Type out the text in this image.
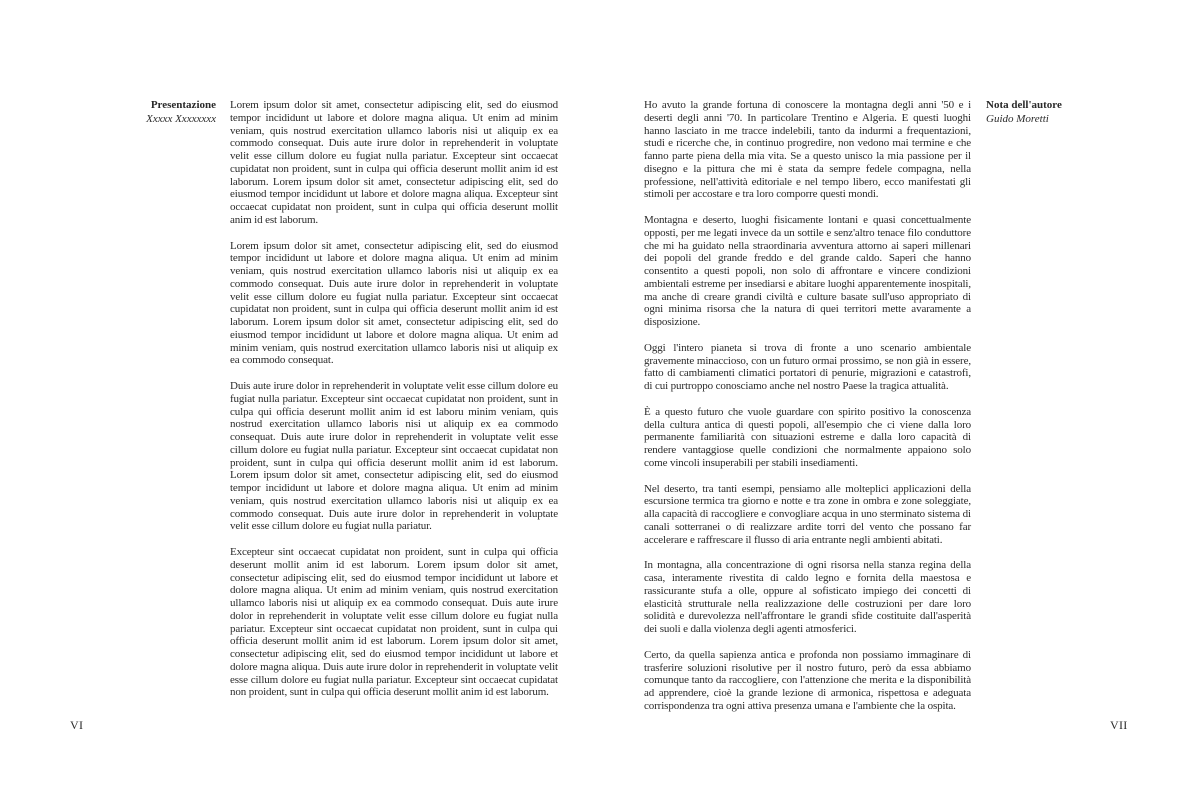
Presentazione
Xxxxx Xxxxxxxx

Lorem ipsum dolor sit amet, consectetur adipiscing elit, sed do eiusmod tempor incididunt ut labore et dolore magna aliqua. Ut enim ad minim veniam, quis nostrud exercitation ullamco laboris nisi ut aliquip ex ea commodo consequat. Duis aute irure dolor in reprehenderit in voluptate velit esse cillum dolore eu fugiat nulla pariatur. Excepteur sint occaecat cupidatat non proident, sunt in culpa qui officia deserunt mollit anim id est laborum. Lorem ipsum dolor sit amet, consectetur adipiscing elit, sed do eiusmod tempor incididunt ut labore et dolore magna aliqua. Excepteur sint occaecat cupidatat non proident, sunt in culpa qui officia deserunt mollit anim id est laborum.

Lorem ipsum dolor sit amet, consectetur adipiscing elit, sed do eiusmod tempor incididunt ut labore et dolore magna aliqua. Ut enim ad minim veniam, quis nostrud exercitation ullamco laboris nisi ut aliquip ex ea commodo consequat. Duis aute irure dolor in reprehenderit in voluptate velit esse cillum dolore eu fugiat nulla pariatur. Excepteur sint occaecat cupidatat non proident, sunt in culpa qui officia deserunt mollit anim id est laborum. Lorem ipsum dolor sit amet, consectetur adipiscing elit, sed do eiusmod tempor incididunt ut labore et dolore magna aliqua. Ut enim ad minim veniam, quis nostrud exercitation ullamco laboris nisi ut aliquip ex ea commodo consequat.

Duis aute irure dolor in reprehenderit in voluptate velit esse cillum dolore eu fugiat nulla pariatur. Excepteur sint occaecat cupidatat non proident, sunt in culpa qui officia deserunt mollit anim id est laboru minim veniam, quis nostrud exercitation ullamco laboris nisi ut aliquip ex ea commodo consequat. Duis aute irure dolor in reprehenderit in voluptate velit esse cillum dolore eu fugiat nulla pariatur. Excepteur sint occaecat cupidatat non proident, sunt in culpa qui officia deserunt mollit anim id est laborum. Lorem ipsum dolor sit amet, consectetur adipiscing elit, sed do eiusmod tempor incididunt ut labore et dolore magna aliqua. Ut enim ad minim veniam, quis nostrud exercitation ullamco laboris nisi ut aliquip ex ea commodo consequat. Duis aute irure dolor in reprehenderit in voluptate velit esse cillum dolore eu fugiat nulla pariatur.

Excepteur sint occaecat cupidatat non proident, sunt in culpa qui officia deserunt mollit anim id est laborum. Lorem ipsum dolor sit amet, consectetur adipiscing elit, sed do eiusmod tempor incididunt ut labore et dolore magna aliqua. Ut enim ad minim veniam, quis nostrud exercitation ullamco laboris nisi ut aliquip ex ea commodo consequat. Duis aute irure dolor in reprehenderit in voluptate velit esse cillum dolore eu fugiat nulla pariatur. Excepteur sint occaecat cupidatat non proident, sunt in culpa qui officia deserunt mollit anim id est laborum. Lorem ipsum dolor sit amet, consectetur adipiscing elit, sed do eiusmod tempor incididunt ut labore et dolore magna aliqua. Duis aute irure dolor in reprehenderit in voluptate velit esse cillum dolore eu fugiat nulla pariatur. Excepteur sint occaecat cupidatat non proident, sunt in culpa qui officia deserunt mollit anim id est laborum.

VI

Ho avuto la grande fortuna di conoscere la montagna degli anni '50 e i deserti degli anni '70. In particolare Trentino e Algeria. E questi luoghi hanno lasciato in me tracce indelebili, tanto da indurmi a frequentazioni, studi e ricerche che, in continuo progredire, non vedono mai termine e che fanno parte piena della mia vita. Se a questo unisco la mia passione per il disegno e la pittura che mi è stata da sempre fedele compagna, nella professione, nell'attività editoriale e nel tempo libero, ecco manifestati gli stimoli per accostare e tra loro comporre questi mondi.

Montagna e deserto, luoghi fisicamente lontani e quasi concettualmente opposti, per me legati invece da un sottile e senz'altro tenace filo conduttore che mi ha guidato nella straordinaria avventura attorno ai saperi millenari dei popoli del grande freddo e del grande caldo. Saperi che hanno consentito a questi popoli, non solo di affrontare e vincere condizioni ambientali estreme per insediarsi e abitare luoghi apparentemente inospitali, ma anche di creare grandi civiltà e culture basate sull'uso appropriato di ogni minima risorsa che la natura di quei territori mette avaramente a disposizione.

Oggi l'intero pianeta si trova di fronte a uno scenario ambientale gravemente minaccioso, con un futuro ormai prossimo, se non già in essere, fatto di cambiamenti climatici portatori di penurie, migrazioni e catastrofi, di cui purtroppo conosciamo anche nel nostro Paese la tragica attualità.

È a questo futuro che vuole guardare con spirito positivo la conoscenza della cultura antica di questi popoli, all'esempio che ci viene dalla loro permanente familiarità con situazioni estreme e dalla loro capacità di rendere vantaggiose quelle condizioni che normalmente appaiono solo come vincoli insuperabili per stabili insediamenti.

Nel deserto, tra tanti esempi, pensiamo alle molteplici applicazioni della escursione termica tra giorno e notte e tra zone in ombra e zone soleggiate, alla capacità di raccogliere e convogliare acqua in uno sterminato sistema di canali sotterranei o di realizzare ardite torri del vento che possano far accelerare e raffrescare il flusso di aria entrante negli ambienti abitati.

In montagna, alla concentrazione di ogni risorsa nella stanza regina della casa, interamente rivestita di caldo legno e fornita della maestosa e rassicurante stufa a olle, oppure al sofisticato impiego dei concetti di elasticità strutturale nella realizzazione delle costruzioni per dare loro solidità e durevolezza nell'affrontare le grandi sfide costituite dall'asperità dei suoli e dalla violenza degli agenti atmosferici.

Certo, da quella sapienza antica e profonda non possiamo immaginare di trasferire soluzioni risolutive per il nostro futuro, però da essa abbiamo comunque tanto da raccogliere, con l'attenzione che merita e la disponibilità ad apprendere, cioè la grande lezione di armonica, rispettosa e adeguata corrispondenza tra ogni attiva presenza umana e l'ambiente che la ospita.

Nota dell'autore
Guido Moretti
VII
